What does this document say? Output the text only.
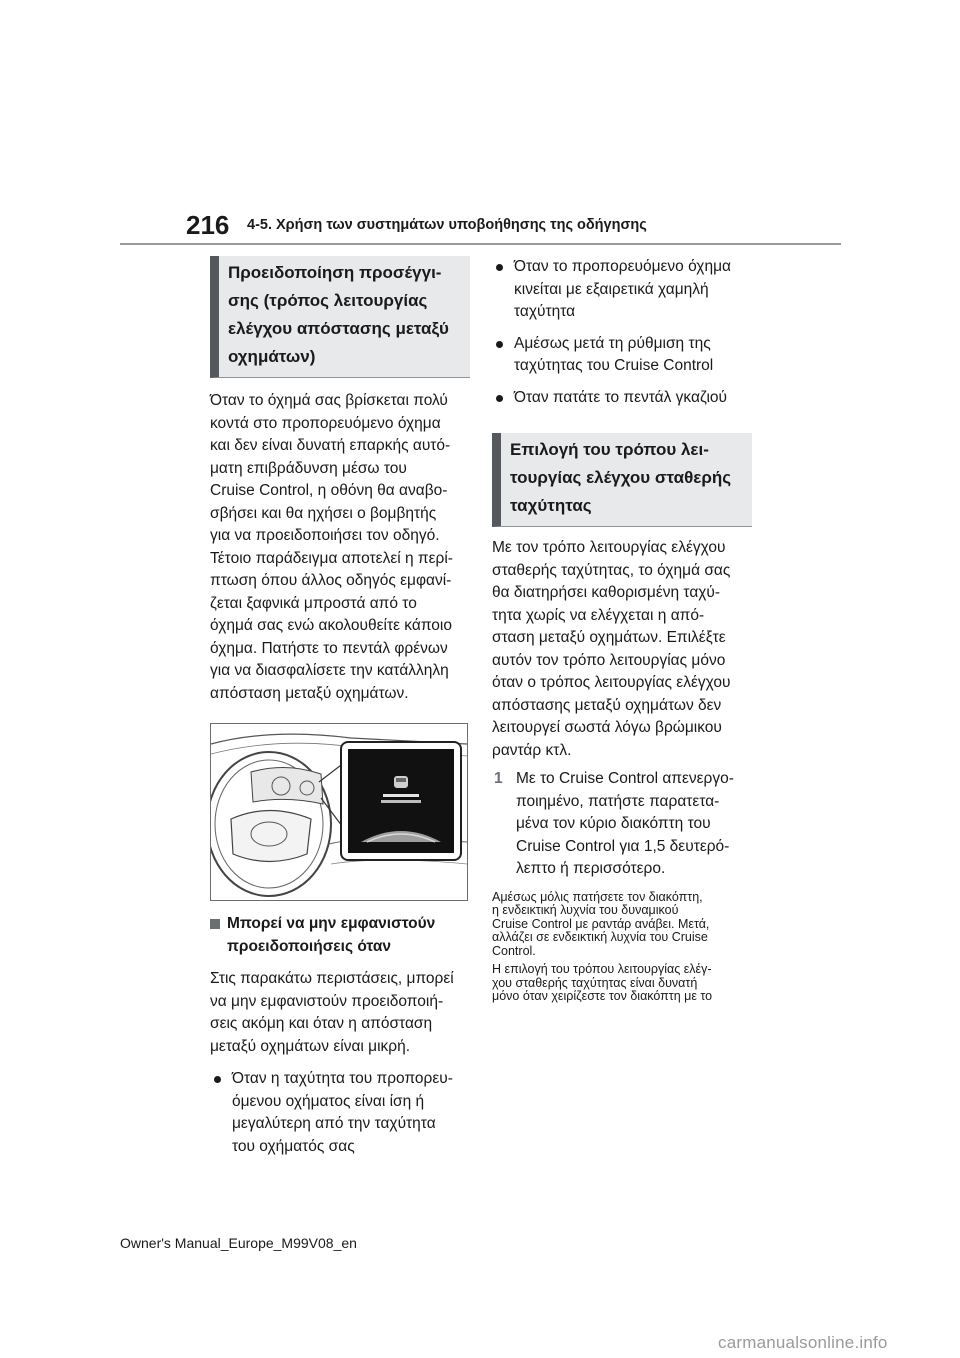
216 4-5. Χρήση των συστημάτων υποβοήθησης της οδήγησης
Προειδοποίηση προσέγγι-
σης (τρόπος λειτουργίας
ελέγχου απόστασης μεταξύ
οχημάτων)
Όταν το όχημά σας βρίσκεται πολύ
κοντά στο προπορευόμενο όχημα
και δεν είναι δυνατή επαρκής αυτό-
ματη επιβράδυνση μέσω του
Cruise Control, η οθόνη θα αναβο-
σβήσει και θα ηχήσει ο βομβητής
για να προειδοποιήσει τον οδηγό.
Τέτοιο παράδειγμα αποτελεί η περί-
πτωση όπου άλλος οδηγός εμφανί-
ζεται ξαφνικά μπροστά από το
όχημά σας ενώ ακολουθείτε κάποιο
όχημα. Πατήστε το πεντάλ φρένων
για να διασφαλίσετε την κατάλληλη
απόσταση μεταξύ οχημάτων.
Μπορεί να μην εμφανιστούν
προειδοποιήσεις όταν
Στις παρακάτω περιστάσεις, μπορεί
να μην εμφανιστούν προειδοποιή-
σεις ακόμη και όταν η απόσταση
μεταξύ οχημάτων είναι μικρή.
Όταν η ταχύτητα του προπορευ-
όμενου οχήματος είναι ίση ή
μεγαλύτερη από την ταχύτητα
του οχήματός σας
Όταν το προπορευόμενο όχημα
κινείται με εξαιρετικά χαμηλή
ταχύτητα
Αμέσως μετά τη ρύθμιση της
ταχύτητας του Cruise Control
Όταν πατάτε το πεντάλ γκαζιού
Επιλογή του τρόπου λει-
τουργίας ελέγχου σταθερής
ταχύτητας
Με τον τρόπο λειτουργίας ελέγχου
σταθερής ταχύτητας, το όχημά σας
θα διατηρήσει καθορισμένη ταχύ-
τητα χωρίς να ελέγχεται η από-
σταση μεταξύ οχημάτων. Επιλέξτε
αυτόν τον τρόπο λειτουργίας μόνο
όταν ο τρόπος λειτουργίας ελέγχου
απόστασης μεταξύ οχημάτων δεν
λειτουργεί σωστά λόγω βρώμικου
ραντάρ κτλ.
1 Με το Cruise Control απενεργο-
ποιημένο, πατήστε παρατετα-
μένα τον κύριο διακόπτη του
Cruise Control για 1,5 δευτερό-
λεπτο ή περισσότερο.
Αμέσως μόλις πατήσετε τον διακόπτη,
η ενδεικτική λυχνία του δυναμικού
Cruise Control με ραντάρ ανάβει. Μετά,
αλλάζει σε ενδεικτική λυχνία του Cruise
Control.
Η επιλογή του τρόπου λειτουργίας ελέγ-
χου σταθερής ταχύτητας είναι δυνατή
μόνο όταν χειρίζεστε τον διακόπτη με το
Owner's Manual_Europe_M99V08_en
carmanualsonline.info
